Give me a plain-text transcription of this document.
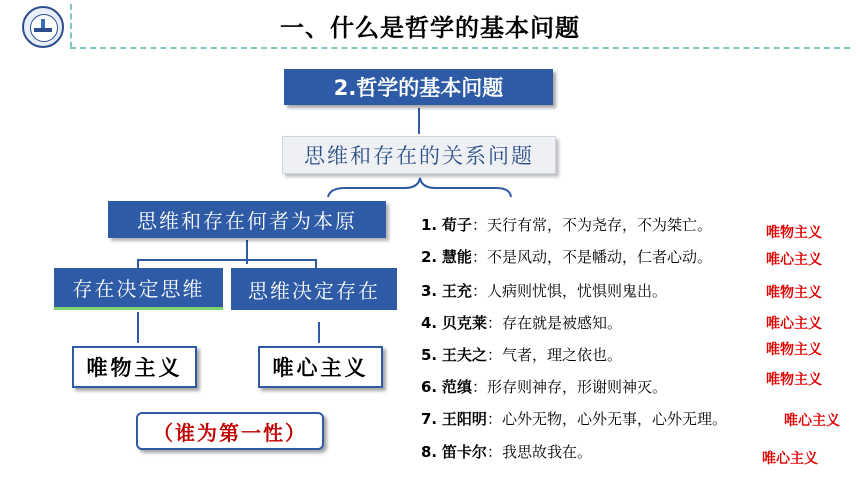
一、什么是哲学的基本问题
2.哲学的基本问题
思维和存在的关系问题
思维和存在何者为本原
存在决定思维	思维决定存在
唯物主义	唯心主义
（谁为第一性）
1. 荀子：天行有常，不为尧存，不为桀亡。	唯物主义
2. 慧能：不是风动，不是幡动，仁者心动。	唯心主义
3. 王充：人病则忧惧，忧惧则鬼出。	唯物主义
4. 贝克莱：存在就是被感知。	唯心主义
5. 王夫之：气者，理之依也。	唯物主义
6. 范缜：形存则神存，形谢则神灭。	唯物主义
7. 王阳明：心外无物，心外无事，心外无理。	唯心主义
8. 笛卡尔：我思故我在。	唯心主义
